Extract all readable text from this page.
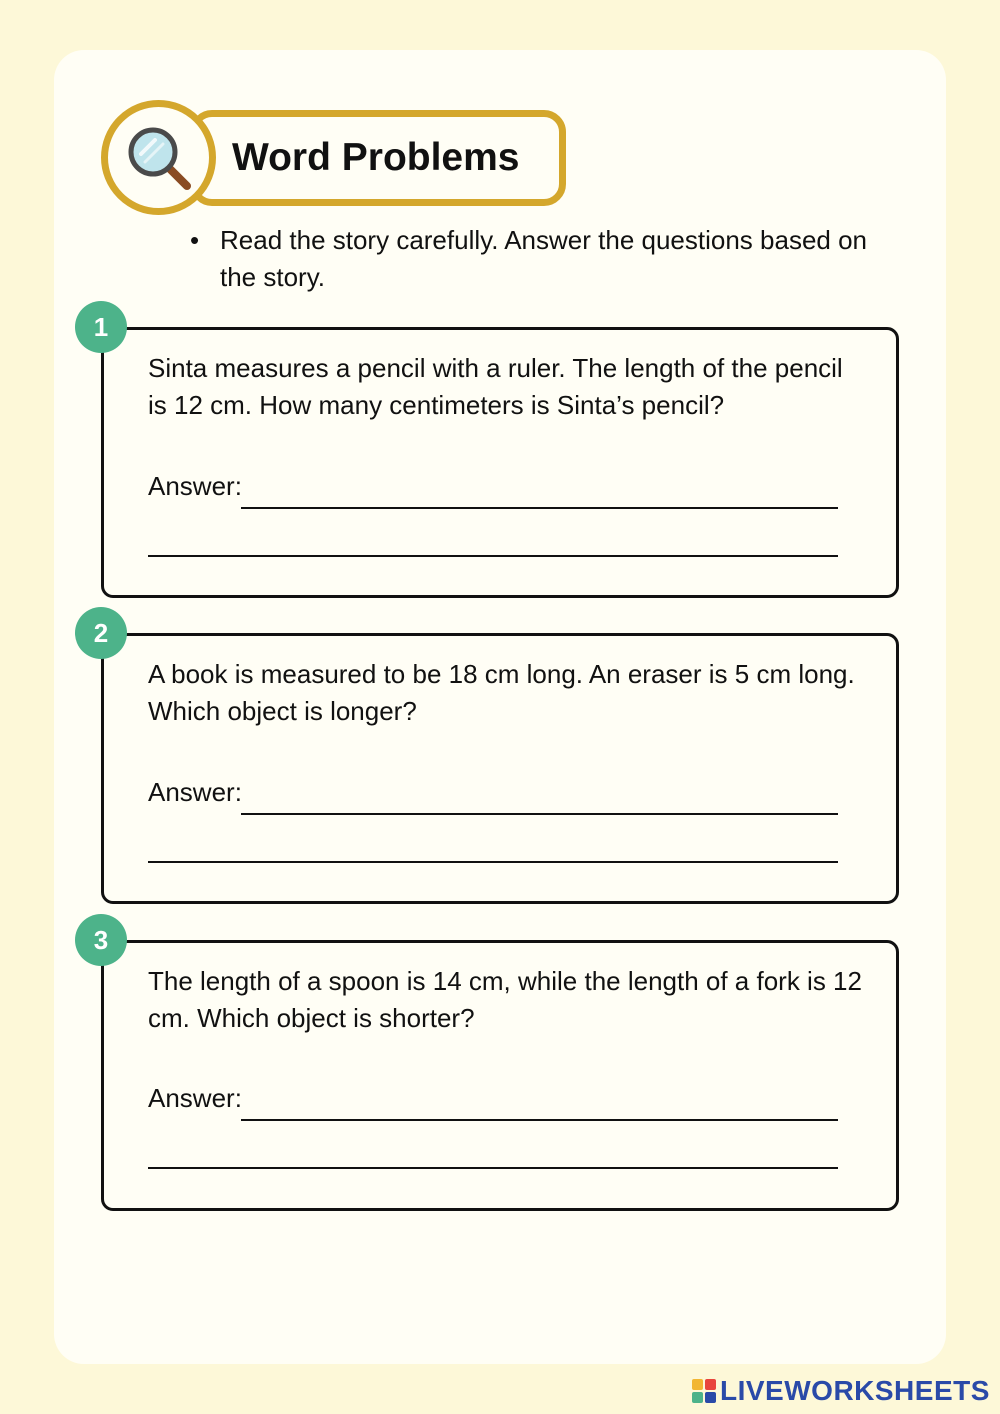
Word Problems
• Read the story carefully. Answer the questions based on the story.
Sinta measures a pencil with a ruler. The length of the pencil is 12 cm. How many centimeters is Sinta’s pencil?
Answer:
1
A book is measured to be 18 cm long. An eraser is 5 cm long. Which object is longer?
Answer:
2
The length of a spoon is 14 cm, while the length of a fork is 12 cm. Which object is shorter?
Answer:
3
LIVEWORKSHEETS
